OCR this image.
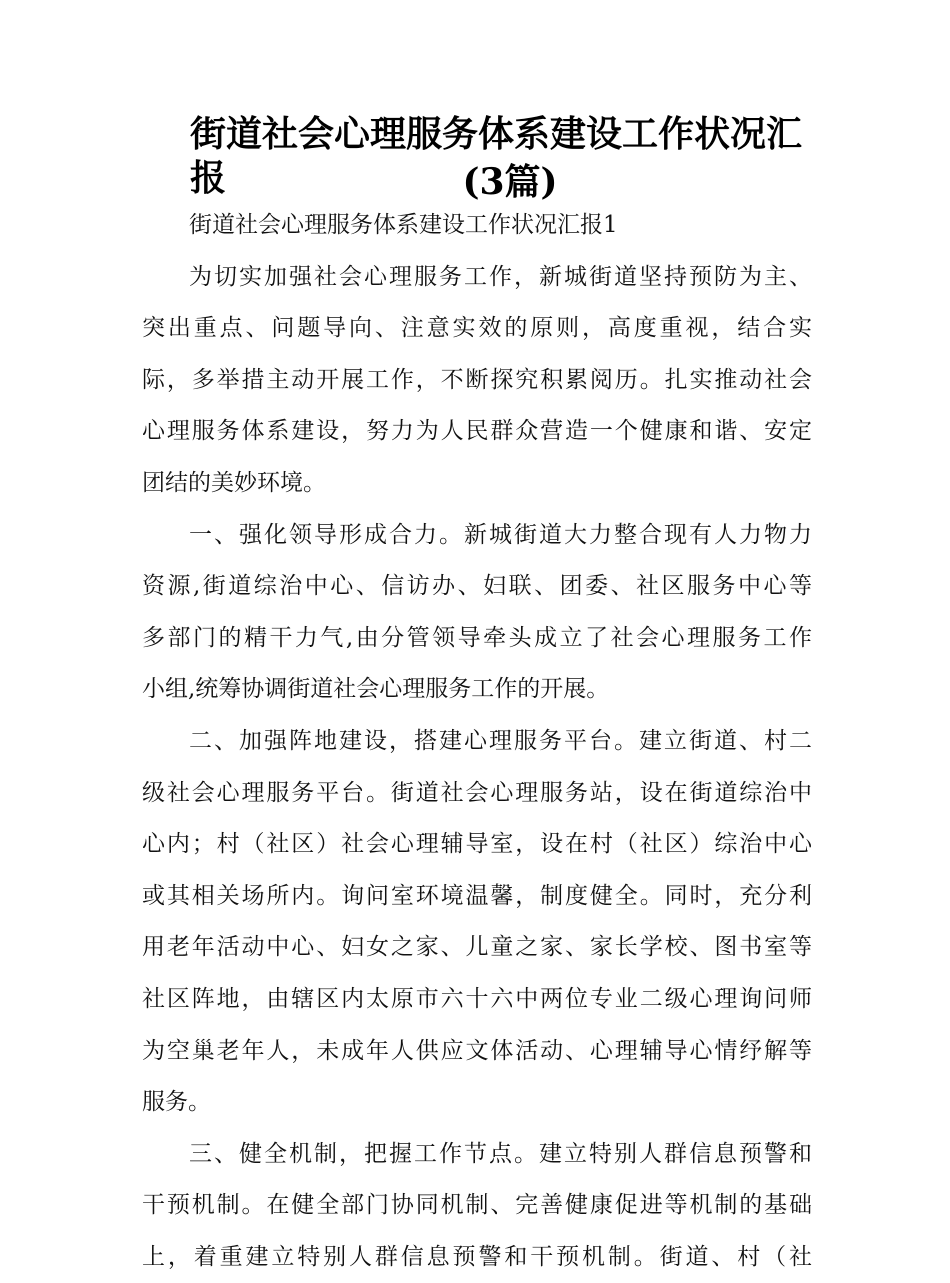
街道社会心理服务体系建设工作状况汇报	(3篇)
街道社会心理服务体系建设工作状况汇报1
为切实加强社会心理服务工作，新城街道坚持预防为主、
突出重点、问题导向、注意实效的原则，高度重视，结合实
际，多举措主动开展工作，不断探究积累阅历。扎实推动社会
心理服务体系建设，努力为人民群众营造一个健康和谐、安定
团结的美妙环境。
一、强化领导形成合力。新城街道大力整合现有人力物力
资源,街道综治中心、信访办、妇联、团委、社区服务中心等
多部门的精干力气,由分管领导牵头成立了社会心理服务工作
小组,统筹协调街道社会心理服务工作的开展。
二、加强阵地建设，搭建心理服务平台。建立街道、村二
级社会心理服务平台。街道社会心理服务站，设在街道综治中
心内；村（社区）社会心理辅导室，设在村（社区）综治中心
或其相关场所内。询问室环境温馨，制度健全。同时，充分利
用老年活动中心、妇女之家、儿童之家、家长学校、图书室等
社区阵地，由辖区内太原市六十六中两位专业二级心理询问师
为空巢老年人，未成年人供应文体活动、心理辅导心情纾解等
服务。
三、健全机制，把握工作节点。建立特别人群信息预警和
干预机制。在健全部门协同机制、完善健康促进等机制的基础
上，着重建立特别人群信息预警和干预机制。街道、村（社
